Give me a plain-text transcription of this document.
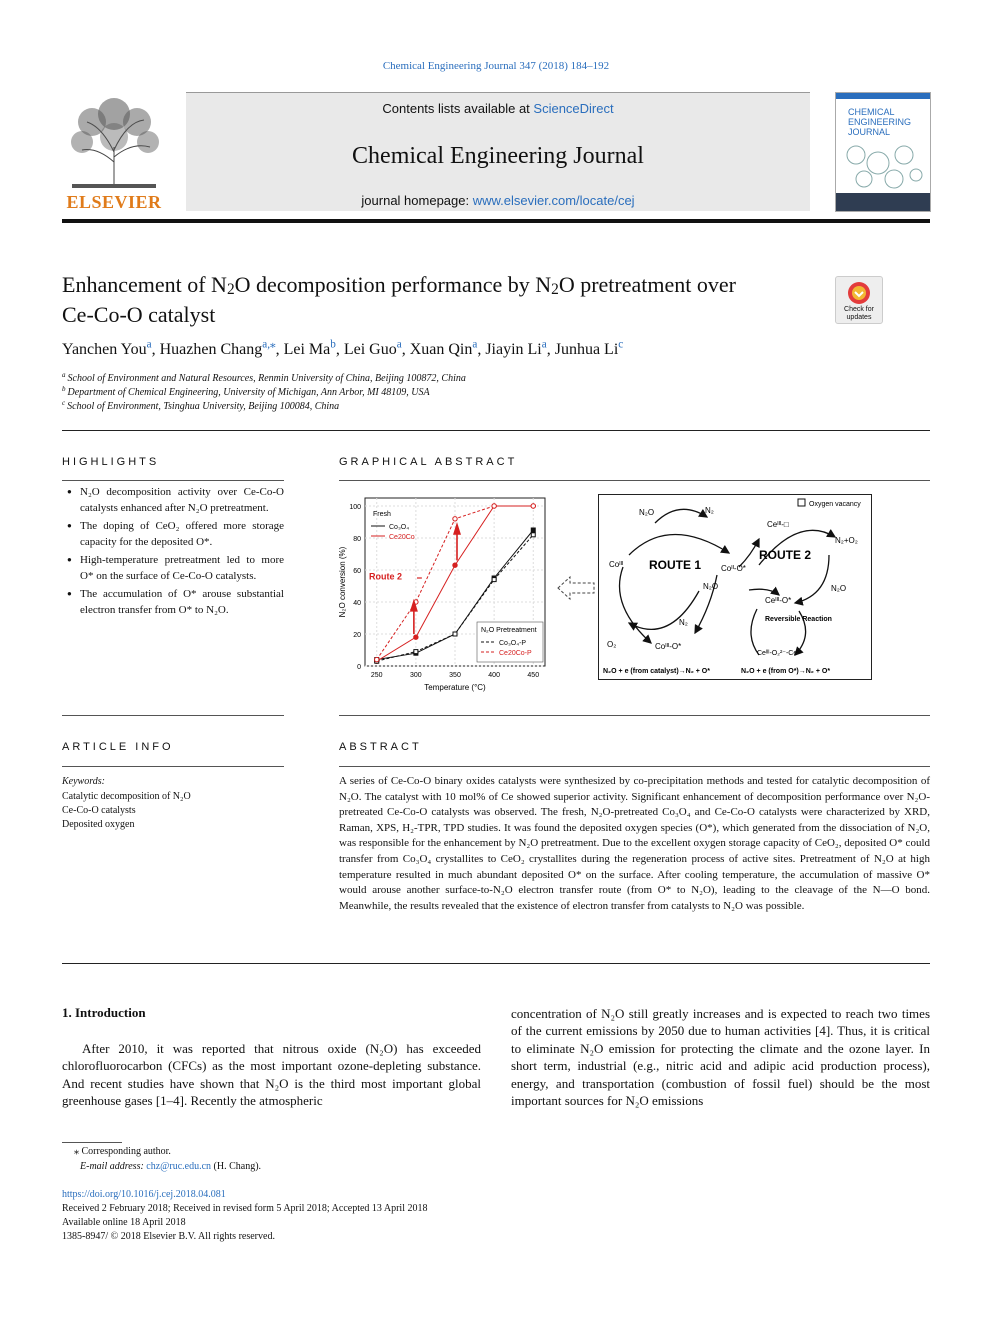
Chemical Engineering Journal 347 (2018) 184–192
ELSEVIER
Contents lists available at ScienceDirect
Chemical Engineering Journal
journal homepage: www.elsevier.com/locate/cej
CHEMICAL ENGINEERING JOURNAL
Enhancement of $N_2O$ decomposition performance by $N_2O$ pretreatment over
Ce-Co-O catalyst	Check for updates
Yanchen You$^a$, Huazhen Chang$^{a,⁎}$, Lei Ma$^b$, Lei Guo$^a$, Xuan Qin$^a$, Jiayin Li$^a$, Junhua Li$^c$
$^a$ School of Environment and Natural Resources, Renmin University of China, Beijing 100872, China
$^b$ Department of Chemical Engineering, University of Michigan, Ann Arbor, MI 48109, USA
$^c$ School of Environment, Tsinghua University, Beijing 100084, China
HIGHLIGHTS
● N₂O decomposition activity over Ce-Co-O catalysts enhanced after N₂O pretreatment.
● The doping of CeO₂ offered more storage capacity for the deposited O*.
● High-temperature pretreatment led to more O* on the surface of Ce-Co-O catalysts.
● The accumulation of O* arouse substantial electron transfer from O* to N₂O.
GRAPHICAL ABSTRACT
0
20
40
60
80
100
250	300	350	400	450
Temperature (°C)
N₂O conversion (%)
Fresh
Co₃O₄
Ce20Co
N₂O Pretreatment
Co₃O₄-P
Ce20Co-P
Route 2
Oxygen vacancy
N₂O	N₂
ROUTE 1
ROUTE 2
Coᴵᴵᴵ	Coᴵᴵ-O*
N₂O
N₂
O₂	Coᴵᴵᴵ-O*
Ceᴵᴵᴵ-□
N₂+O₂
N₂O
Ceᴵᴵᴵ-O*
Reversible Reaction
Ceᴵᴵᴵ-O₂²⁻-Ceᴵᴵᴵ
N₂O + e (from catalyst)→N₂ + O*	N₂O + e (from O*)→N₂ + O*
ARTICLE INFO
Keywords:
Catalytic decomposition of N₂O
Ce-Co-O catalysts
Deposited oxygen
ABSTRACT
A series of Ce-Co-O binary oxides catalysts were synthesized by co-precipitation methods and tested for catalytic decomposition of N₂O. The catalyst with 10 mol% of Ce showed superior activity. Significant enhancement of decomposition performance over N₂O-pretreated Ce-Co-O catalysts was observed. The fresh, N₂O-pretreated Co₃O₄ and Ce-Co-O catalysts were characterized by XRD, Raman, XPS, H₂-TPR, TPD studies. It was found the deposited oxygen species (O*), which generated from the dissociation of N₂O, was responsible for the enhancement by N₂O pretreatment. Due to the excellent oxygen storage capacity of CeO₂, deposited O* could transfer from Co₃O₄ crystallites to CeO₂ crystallites during the regeneration process of active sites. Pretreatment of N₂O at high temperature resulted in much abundant deposited O* on the surface. After cooling temperature, the accumulation of massive O* would arouse another surface-to-N₂O electron transfer route (from O* to N₂O), leading to the cleavage of the N—O bond. Meanwhile, the results revealed that the existence of electron transfer from catalysts to N₂O was possible.
1. Introduction
After 2010, it was reported that nitrous oxide (N₂O) has exceeded chlorofluorocarbon (CFCs) as the most important ozone-depleting substance. And recent studies have shown that N₂O is the third most important global greenhouse gases [1–4]. Recently the atmospheric
concentration of N₂O still greatly increases and is expected to reach two times of the current emissions by 2050 due to human activities [4]. Thus, it is critical to eliminate N₂O emission for protecting the climate and the ozone layer. In short term, industrial (e.g., nitric acid and adipic acid production process), energy, and transportation (combustion of fossil fuel) should be the most important sources for N₂O emissions
⁎ Corresponding author.
E-mail address: chz@ruc.edu.cn (H. Chang).
https://doi.org/10.1016/j.cej.2018.04.081
Received 2 February 2018; Received in revised form 5 April 2018; Accepted 13 April 2018
Available online 18 April 2018
1385-8947/ © 2018 Elsevier B.V. All rights reserved.
